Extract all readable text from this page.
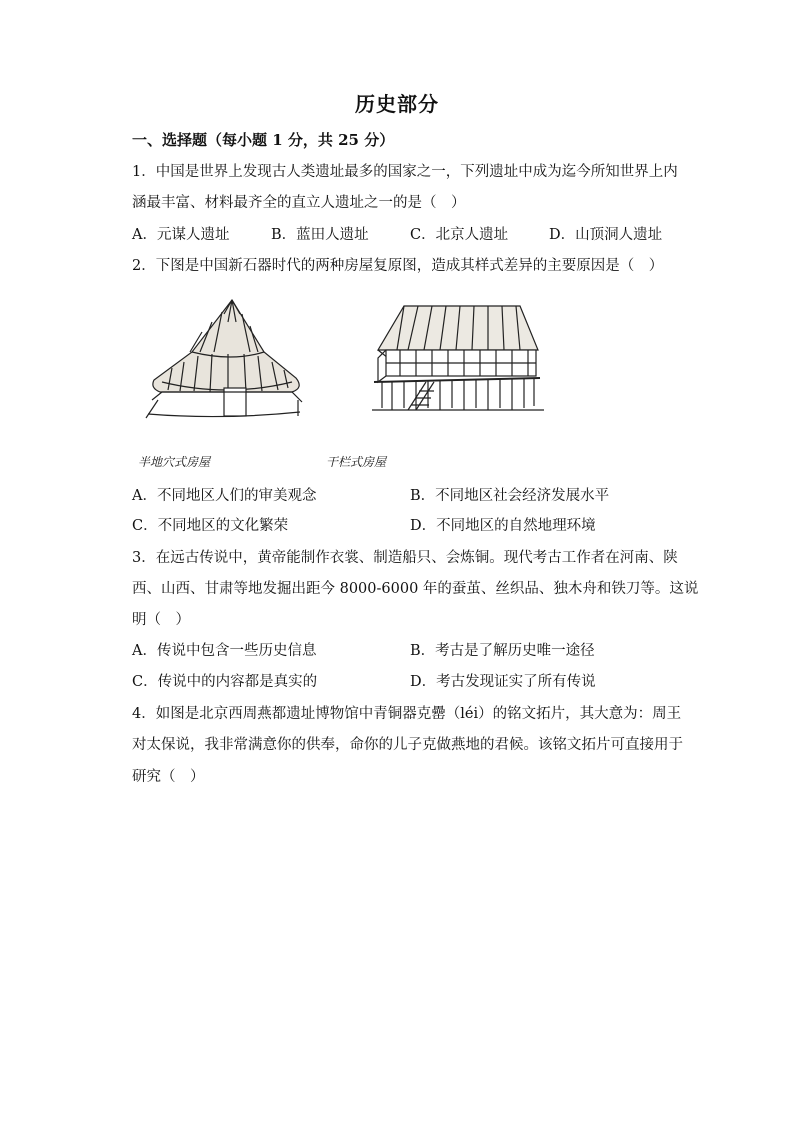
历史部分
一、选择题（每小题 1 分，共 25 分）
1．中国是世界上发现古人类遗址最多的国家之一，下列遗址中成为迄今所知世界上内
涵最丰富、材料最齐全的直立人遗址之一的是（　）
A．元谋人遗址	B．蓝田人遗址	C．北京人遗址	D．山顶洞人遗址
2．下图是中国新石器时代的两种房屋复原图，造成其样式差异的主要原因是（　）
半地穴式房屋	干栏式房屋
A．不同地区人们的审美观念	B．不同地区社会经济发展水平
C．不同地区的文化繁荣	D．不同地区的自然地理环境
3．在远古传说中，黄帝能制作衣裳、制造船只、会炼铜。现代考古工作者在河南、陕
西、山西、甘肃等地发掘出距今 8000-6000 年的蚕茧、丝织品、独木舟和铁刀等。这说
明（　）
A．传说中包含一些历史信息	B．考古是了解历史唯一途径
C．传说中的内容都是真实的	D．考古发现证实了所有传说
4．如图是北京西周燕都遗址博物馆中青铜器克罍（léi）的铭文拓片，其大意为：周王
对太保说，我非常满意你的供奉，命你的儿子克做燕地的君候。该铭文拓片可直接用于
研究（　）
